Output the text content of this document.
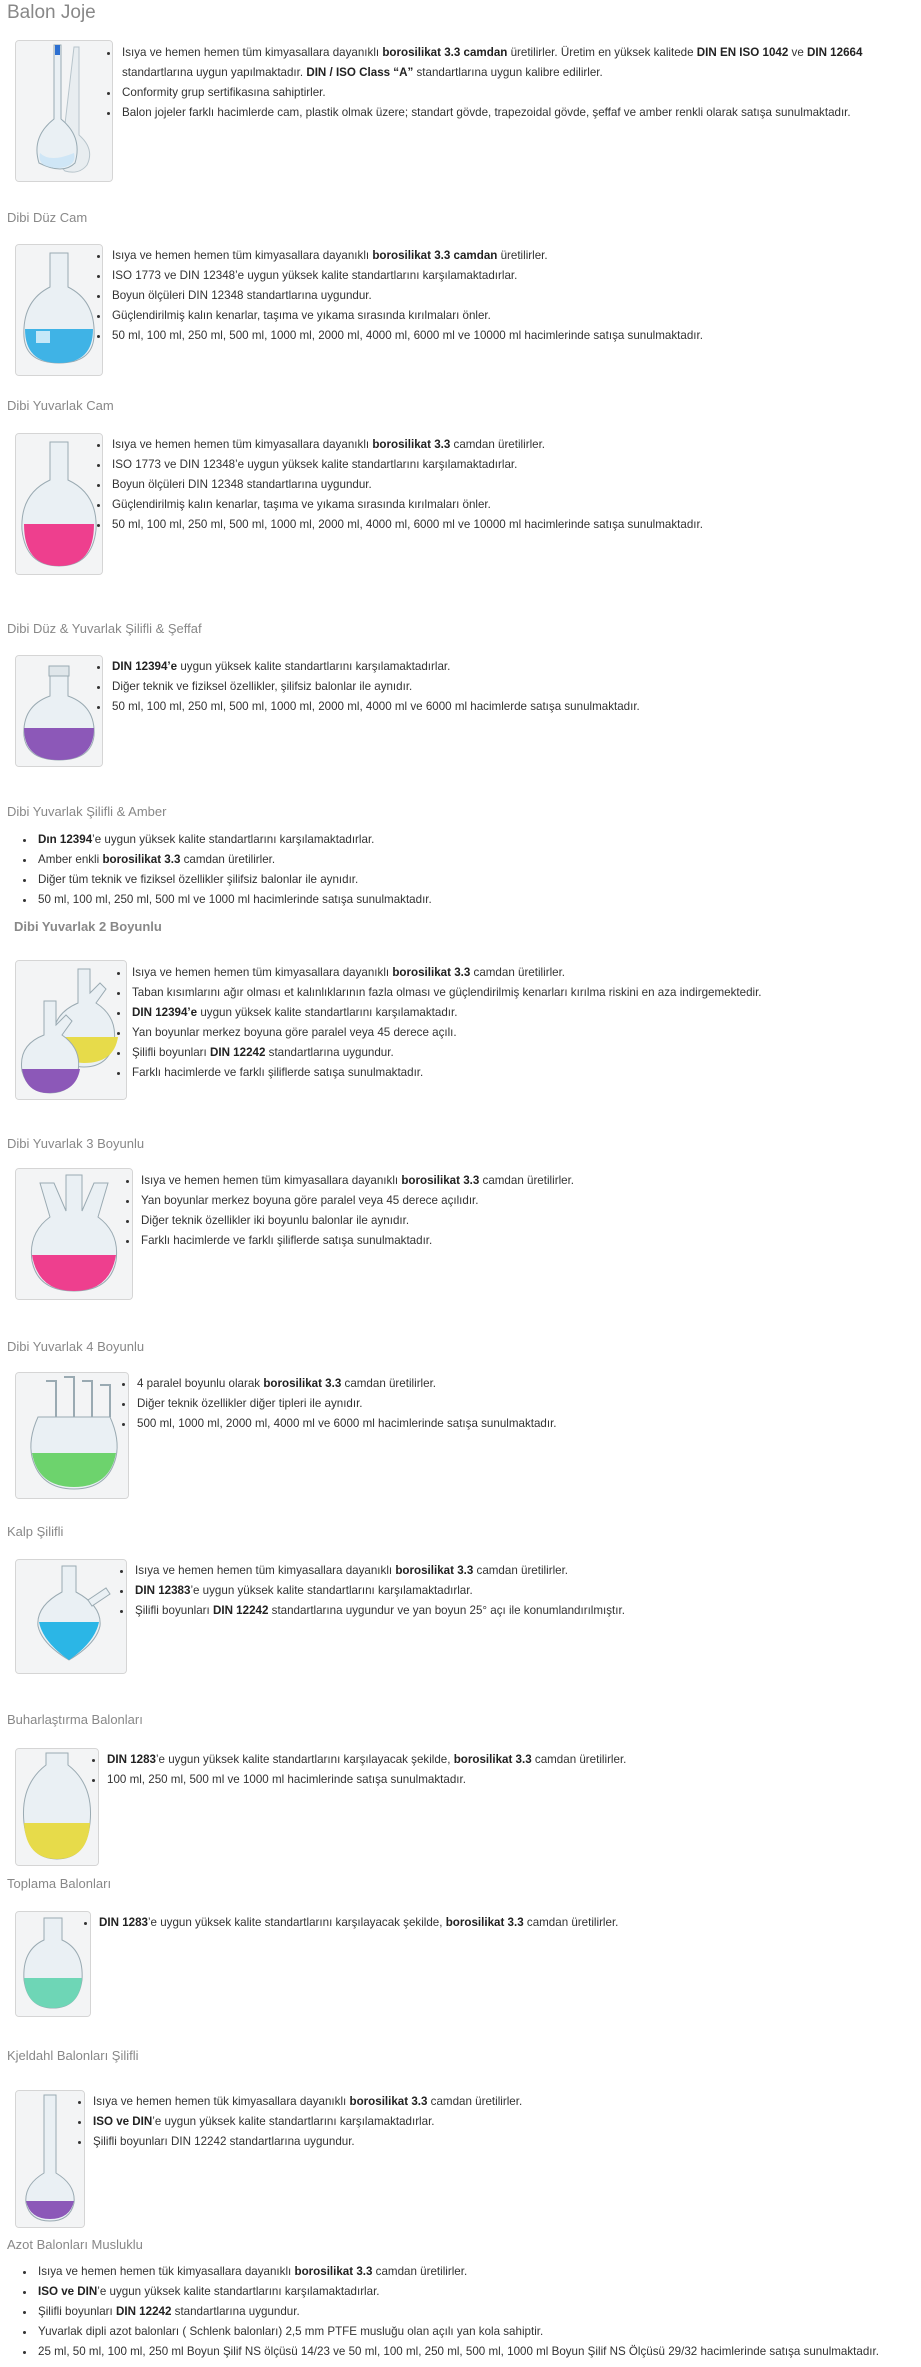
Balon Joje
• Isıya ve hemen hemen tüm kimyasallara dayanıklı borosilikat 3.3 camdan üretilirler. Üretim en yüksek kalitede DIN EN ISO 1042 ve DIN 12664
standartlarına uygun yapılmaktadır. DIN / ISO Class “A” standartlarına uygun kalibre edilirler.
• Conformity grup sertifikasına sahiptirler.
• Balon jojeler farklı hacimlerde cam, plastik olmak üzere; standart gövde, trapezoidal gövde, şeffaf ve amber renkli olarak satışa sunulmaktadır.
Dibi Düz Cam
• Isıya ve hemen hemen tüm kimyasallara dayanıklı borosilikat 3.3 camdan üretilirler.
• ISO 1773 ve DIN 12348’e uygun yüksek kalite standartlarını karşılamaktadırlar.
• Boyun ölçüleri DIN 12348 standartlarına uygundur.
• Güçlendirilmiş kalın kenarlar, taşıma ve yıkama sırasında kırılmaları önler.
• 50 ml, 100 ml, 250 ml, 500 ml, 1000 ml, 2000 ml, 4000 ml, 6000 ml ve 10000 ml hacimlerinde satışa sunulmaktadır.
Dibi Yuvarlak Cam
• Isıya ve hemen hemen tüm kimyasallara dayanıklı borosilikat 3.3 camdan üretilirler.
• ISO 1773 ve DIN 12348’e uygun yüksek kalite standartlarını karşılamaktadırlar.
• Boyun ölçüleri DIN 12348 standartlarına uygundur.
• Güçlendirilmiş kalın kenarlar, taşıma ve yıkama sırasında kırılmaları önler.
• 50 ml, 100 ml, 250 ml, 500 ml, 1000 ml, 2000 ml, 4000 ml, 6000 ml ve 10000 ml hacimlerinde satışa sunulmaktadır.
Dibi Düz & Yuvarlak Şilifli & Şeffaf
• DIN 12394’e uygun yüksek kalite standartlarını karşılamaktadırlar.
• Diğer teknik ve fiziksel özellikler, şilifsiz balonlar ile aynıdır.
• 50 ml, 100 ml, 250 ml, 500 ml, 1000 ml, 2000 ml, 4000 ml ve 6000 ml hacimlerde satışa sunulmaktadır.
Dibi Yuvarlak Şilifli & Amber
• Dın 12394’e uygun yüksek kalite standartlarını karşılamaktadırlar.
• Amber enkli borosilikat 3.3 camdan üretilirler.
• Diğer tüm teknik ve fiziksel özellikler şilifsiz balonlar ile aynıdır.
• 50 ml, 100 ml, 250 ml, 500 ml ve 1000 ml hacimlerinde satışa sunulmaktadır.
Dibi Yuvarlak 2 Boyunlu
• Isıya ve hemen hemen tüm kimyasallara dayanıklı borosilikat 3.3 camdan üretilirler.
• Taban kısımlarını ağır olması et kalınlıklarının fazla olması ve güçlendirilmiş kenarları kırılma riskini en aza indirgemektedir.
• DIN 12394’e uygun yüksek kalite standartlarını karşılamaktadır.
• Yan boyunlar merkez boyuna göre paralel veya 45 derece açılı.
• Şilifli boyunları DIN 12242 standartlarına uygundur.
• Farklı hacimlerde ve farklı şiliflerde satışa sunulmaktadır.
Dibi Yuvarlak 3 Boyunlu
• Isıya ve hemen hemen tüm kimyasallara dayanıklı borosilikat 3.3 camdan üretilirler.
• Yan boyunlar merkez boyuna göre paralel veya 45 derece açılıdır.
• Diğer teknik özellikler iki boyunlu balonlar ile aynıdır.
• Farklı hacimlerde ve farklı şiliflerde satışa sunulmaktadır.
Dibi Yuvarlak 4 Boyunlu
• 4 paralel boyunlu olarak borosilikat 3.3 camdan üretilirler.
• Diğer teknik özellikler diğer tipleri ile aynıdır.
• 500 ml, 1000 ml, 2000 ml, 4000 ml ve 6000 ml hacimlerinde satışa sunulmaktadır.
Kalp Şilifli
• Isıya ve hemen hemen tüm kimyasallara dayanıklı borosilikat 3.3 camdan üretilirler.
• DIN 12383’e uygun yüksek kalite standartlarını karşılamaktadırlar.
• Şilifli boyunları DIN 12242 standartlarına uygundur ve yan boyun 25° açı ile konumlandırılmıştır.
Buharlaştırma Balonları
• DIN 1283’e uygun yüksek kalite standartlarını karşılayacak şekilde, borosilikat 3.3 camdan üretilirler.
• 100 ml, 250 ml, 500 ml ve 1000 ml hacimlerinde satışa sunulmaktadır.
Toplama Balonları
• DIN 1283’e uygun yüksek kalite standartlarını karşılayacak şekilde, borosilikat 3.3 camdan üretilirler.
Kjeldahl Balonları Şilifli
• Isıya ve hemen hemen tük kimyasallara dayanıklı borosilikat 3.3 camdan üretilirler.
• ISO ve DIN’e uygun yüksek kalite standartlarını karşılamaktadırlar.
• Şilifli boyunları DIN 12242 standartlarına uygundur.
Azot Balonları Musluklu
• Isıya ve hemen hemen tük kimyasallara dayanıklı borosilikat 3.3 camdan üretilirler.
• ISO ve DIN’e uygun yüksek kalite standartlarını karşılamaktadırlar.
• Şilifli boyunları DIN 12242 standartlarına uygundur.
• Yuvarlak dipli azot balonları ( Schlenk balonları) 2,5 mm PTFE musluğu olan açılı yan kola sahiptir.
• 25 ml, 50 ml, 100 ml, 250 ml Boyun Şilif NS ölçüsü 14/23 ve 50 ml, 100 ml, 250 ml, 500 ml, 1000 ml Boyun Şilif NS Ölçüsü 29/32 hacimlerinde satışa sunulmaktadır.
